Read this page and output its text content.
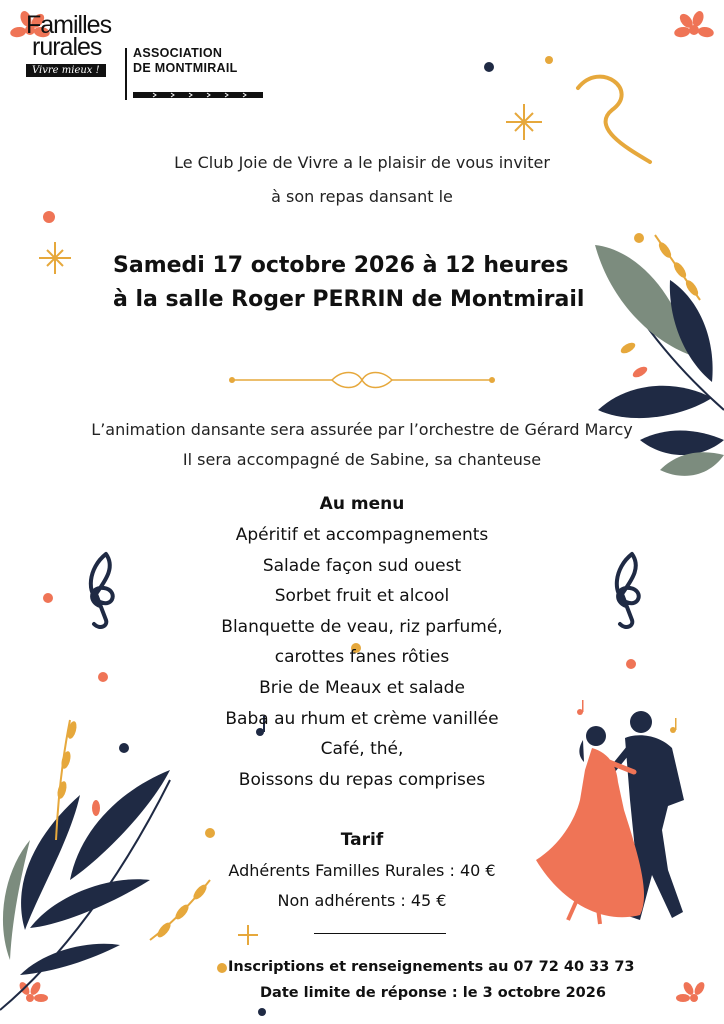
Familles
rurales
Vivre mieux !
ASSOCIATION
DE MONTMIRAIL
Le Club Joie de Vivre a le plaisir de vous inviter
à son repas dansant le
Samedi 17 octobre 2026 à 12 heures
à la salle Roger PERRIN de Montmirail
L’animation dansante sera assurée par l’orchestre de Gérard Marcy
Il sera accompagné de Sabine, sa chanteuse
Au menu
Apéritif et accompagnements
Salade façon sud ouest
Sorbet fruit et alcool
Blanquette de veau, riz parfumé,
carottes fanes rôties
Brie de Meaux et salade
Baba au rhum et crème vanillée
Café, thé,
Boissons du repas comprises
Tarif
Adhérents Familles Rurales : 40 €
Non adhérents : 45 €
Inscriptions et renseignements au 07 72 40 33 73
Date limite de réponse : le 3 octobre 2026
